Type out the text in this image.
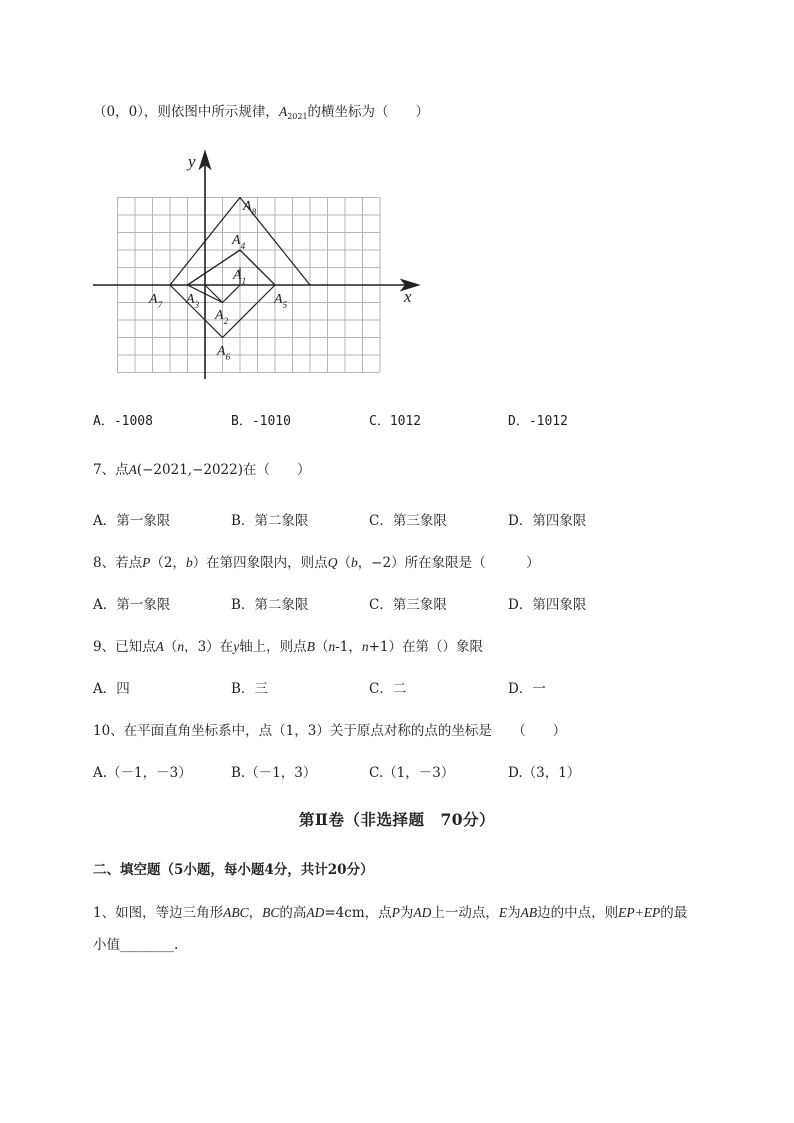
（0，0），则依图中所示规律，$A_{2021}$的横坐标为（　　）
x
y
$A_1$
$A_2$
$A_3$
$A_4$
$A_5$
$A_6$
$A_7$
$A_8$
A．-1008	B．-1010	C．1012	D．-1012
7、点A(−2021,−2022)在（　　）
A．第一象限	B．第二象限	C．第三象限	D．第四象限
8、若点P（2，b）在第四象限内，则点Q（b，−2）所在象限是（　　　）
A．第一象限	B．第二象限	C．第三象限	D．第四象限
9、已知点A（n，3）在y轴上，则点B（n-1，n+1）在第（）象限
A．四	B．三	C．二	D．一
10、在平面直角坐标系中，点（1，3）关于原点对称的点的坐标是　　（　　）
A.（－1，－3）	B.（－1，3）	C.（1，－3）	D.（3，1）
第Ⅱ卷（非选择题　70分）
二、填空题（5小题，每小题4分，共计20分）
1、如图，等边三角形ABC，BC的高AD=4cm，点P为AD上一动点，E为AB边的中点，则EP+EP的最
小值________.
